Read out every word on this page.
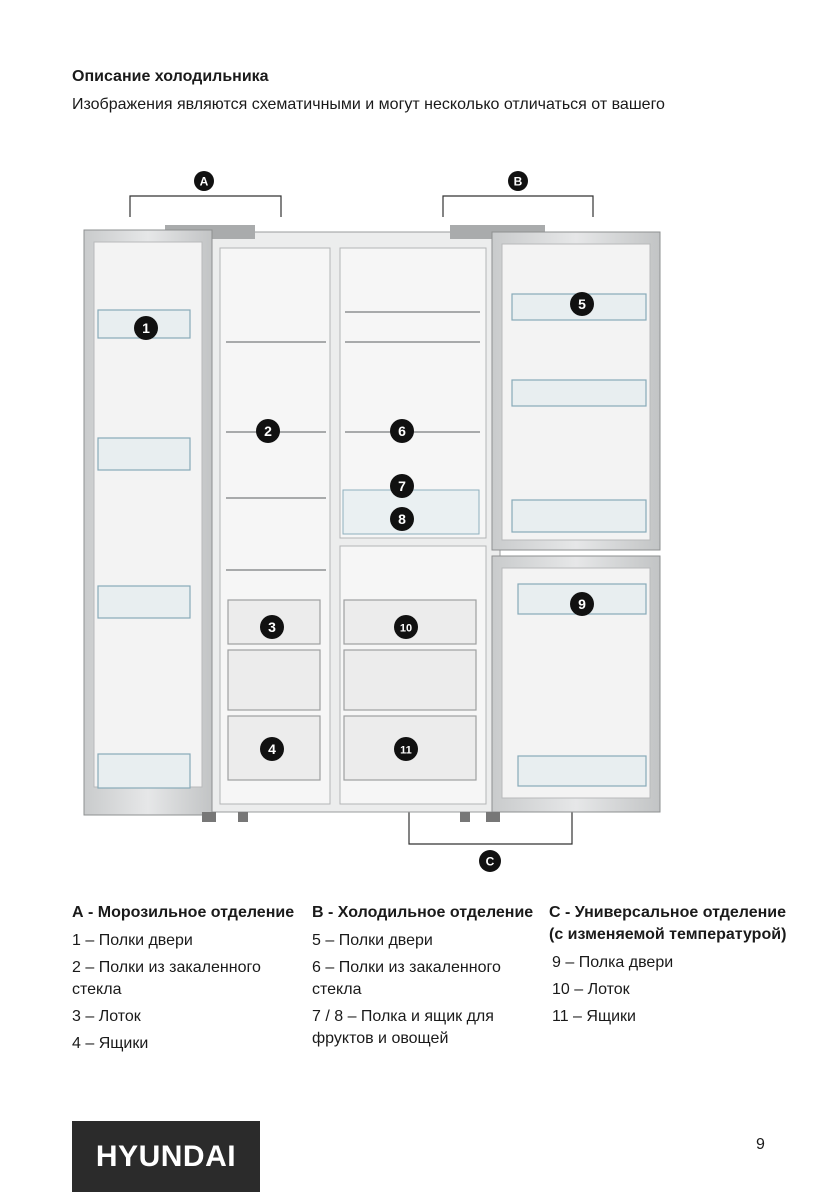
Описание холодильника
Изображения являются схематичными и могут несколько отличаться от вашего
A	B
C
1
2
3
4
5
6
7
8
9
10
11
А - Морозильное отделение
1 – Полки двери
2 – Полки из закаленного стекла
3 – Лоток
4 – Ящики
В - Холодильное отделение
5 – Полки двери
6 – Полки из закаленного стекла
7 / 8 – Полка и ящик для фруктов и овощей
С - Универсальное отделение (с изменяемой температурой)
9 – Полка двери
10 – Лоток
11 – Ящики
HYUNDAI	9
